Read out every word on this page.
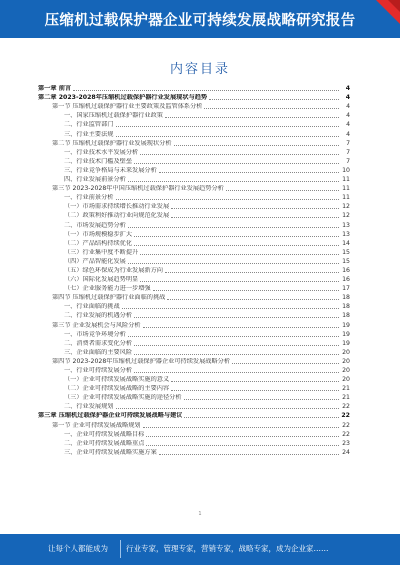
压缩机过载保护器企业可持续发展战略研究报告
内容目录
第一章 前言	4
第二章 2023-2028年压缩机过载保护器行业发展现状与趋势	4
第一节 压缩机过载保护器行业主要政策及监管体系分析	4
一、国家压缩机过载保护器行业政策	4
二、行业监管部门	4
三、行业主要法规	4
第二节 压缩机过载保护器行业发展现状分析	7
一、行业技术水平发展分析	7
二、行业技术门槛及壁垒	7
三、行业竞争格局与未来发展分析	10
四、行业发展前景分析	11
第三节 2023-2028年中国压缩机过载保护器行业发展趋势分析	11
一、行业前景分析	11
（一）市场需求持续增长推动行业发展	12
（二）政策利好推动行业向规范化发展	12
二、市场发展趋势分析	13
（一）市场规模稳步扩大	13
（二）产品结构持续优化	14
（三）行业集中度不断提升	15
（四）产品智能化发展	15
（五）绿色环保成为行业发展新方向	16
（六）国际化发展趋势明显	16
（七）企业服务能力进一步增强	17
第四节 压缩机过载保护器行业面临的挑战	18
一、行业面临的挑战	18
二、行业发展的机遇分析	18
第三节 企业发展机会与风险分析	19
一、市场竞争环境分析	19
二、消费者需求变化分析	19
三、企业面临的主要风险	20
第四节 2023-2028年压缩机过载保护器企业可持续发展战略分析	20
一、行业可持续发展分析	20
（一）企业可持续发展战略实施的意义	20
（二）企业可持续发展战略的主要内容	21
（三）企业可持续发展战略实施的途径分析	21
二、行业发展规划	22
第三章 压缩机过载保护器企业可持续发展战略与建议	22
第一节 企业可持续发展战略规划	22
一、企业可持续发展战略目标	22
二、企业可持续发展战略重点	23
三、企业可持续发展战略实施方案	24
1
让每个人都能成为 行业专家，管理专家，营销专家，战略专家，成为企业家……
